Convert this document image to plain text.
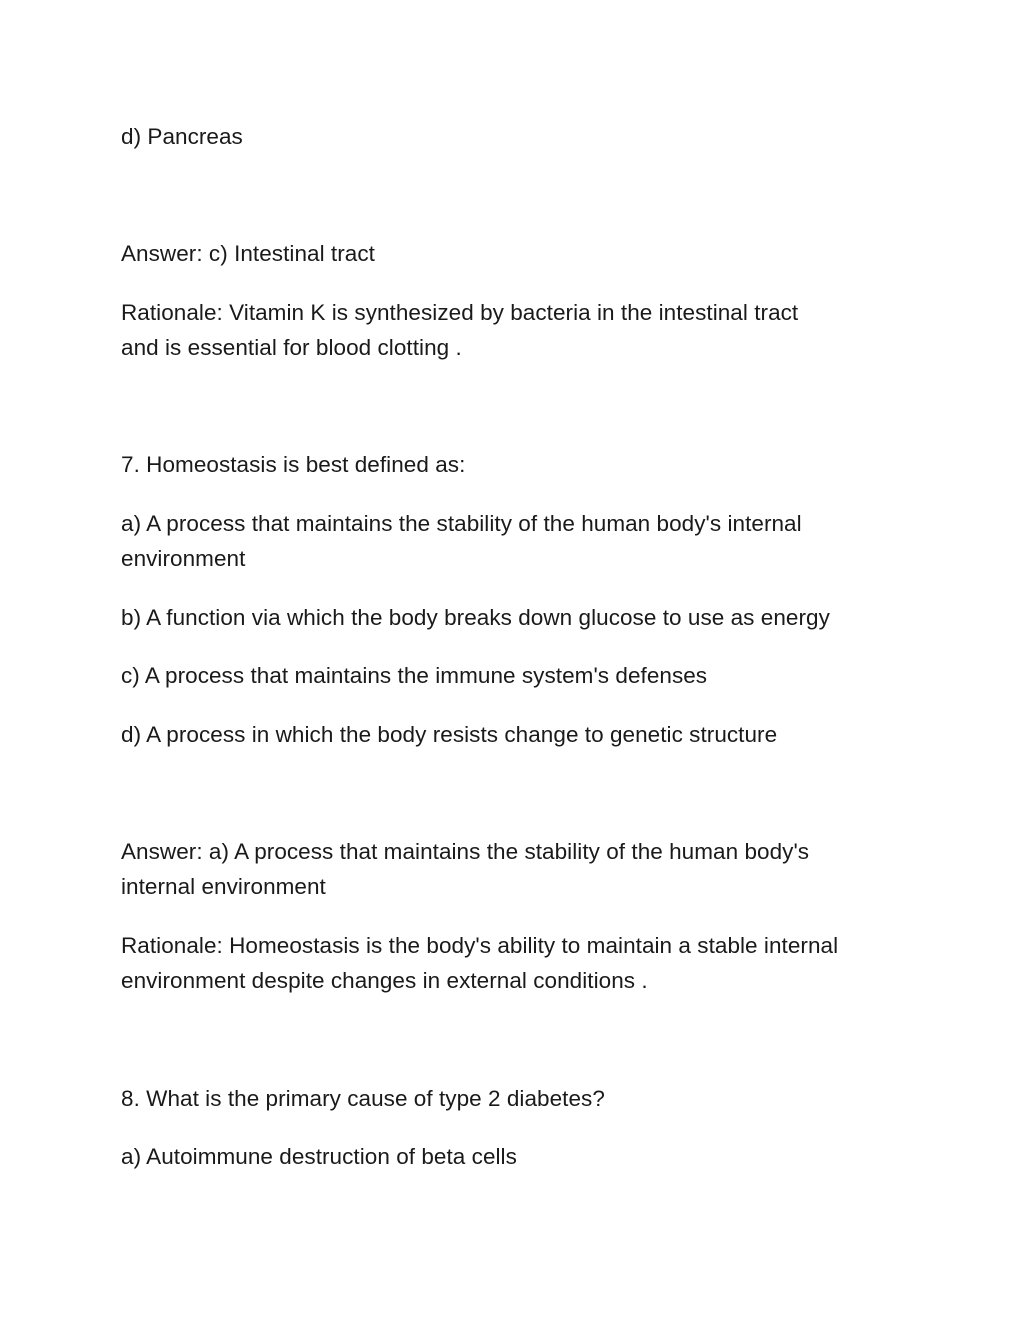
d) Pancreas
Answer: c) Intestinal tract
Rationale: Vitamin K is synthesized by bacteria in the intestinal tract
and is essential for blood clotting .
7. Homeostasis is best defined as:
a) A process that maintains the stability of the human body's internal
environment
b) A function via which the body breaks down glucose to use as energy
c) A process that maintains the immune system's defenses
d) A process in which the body resists change to genetic structure
Answer: a) A process that maintains the stability of the human body's
internal environment
Rationale: Homeostasis is the body's ability to maintain a stable internal
environment despite changes in external conditions .
8. What is the primary cause of type 2 diabetes?
a) Autoimmune destruction of beta cells
